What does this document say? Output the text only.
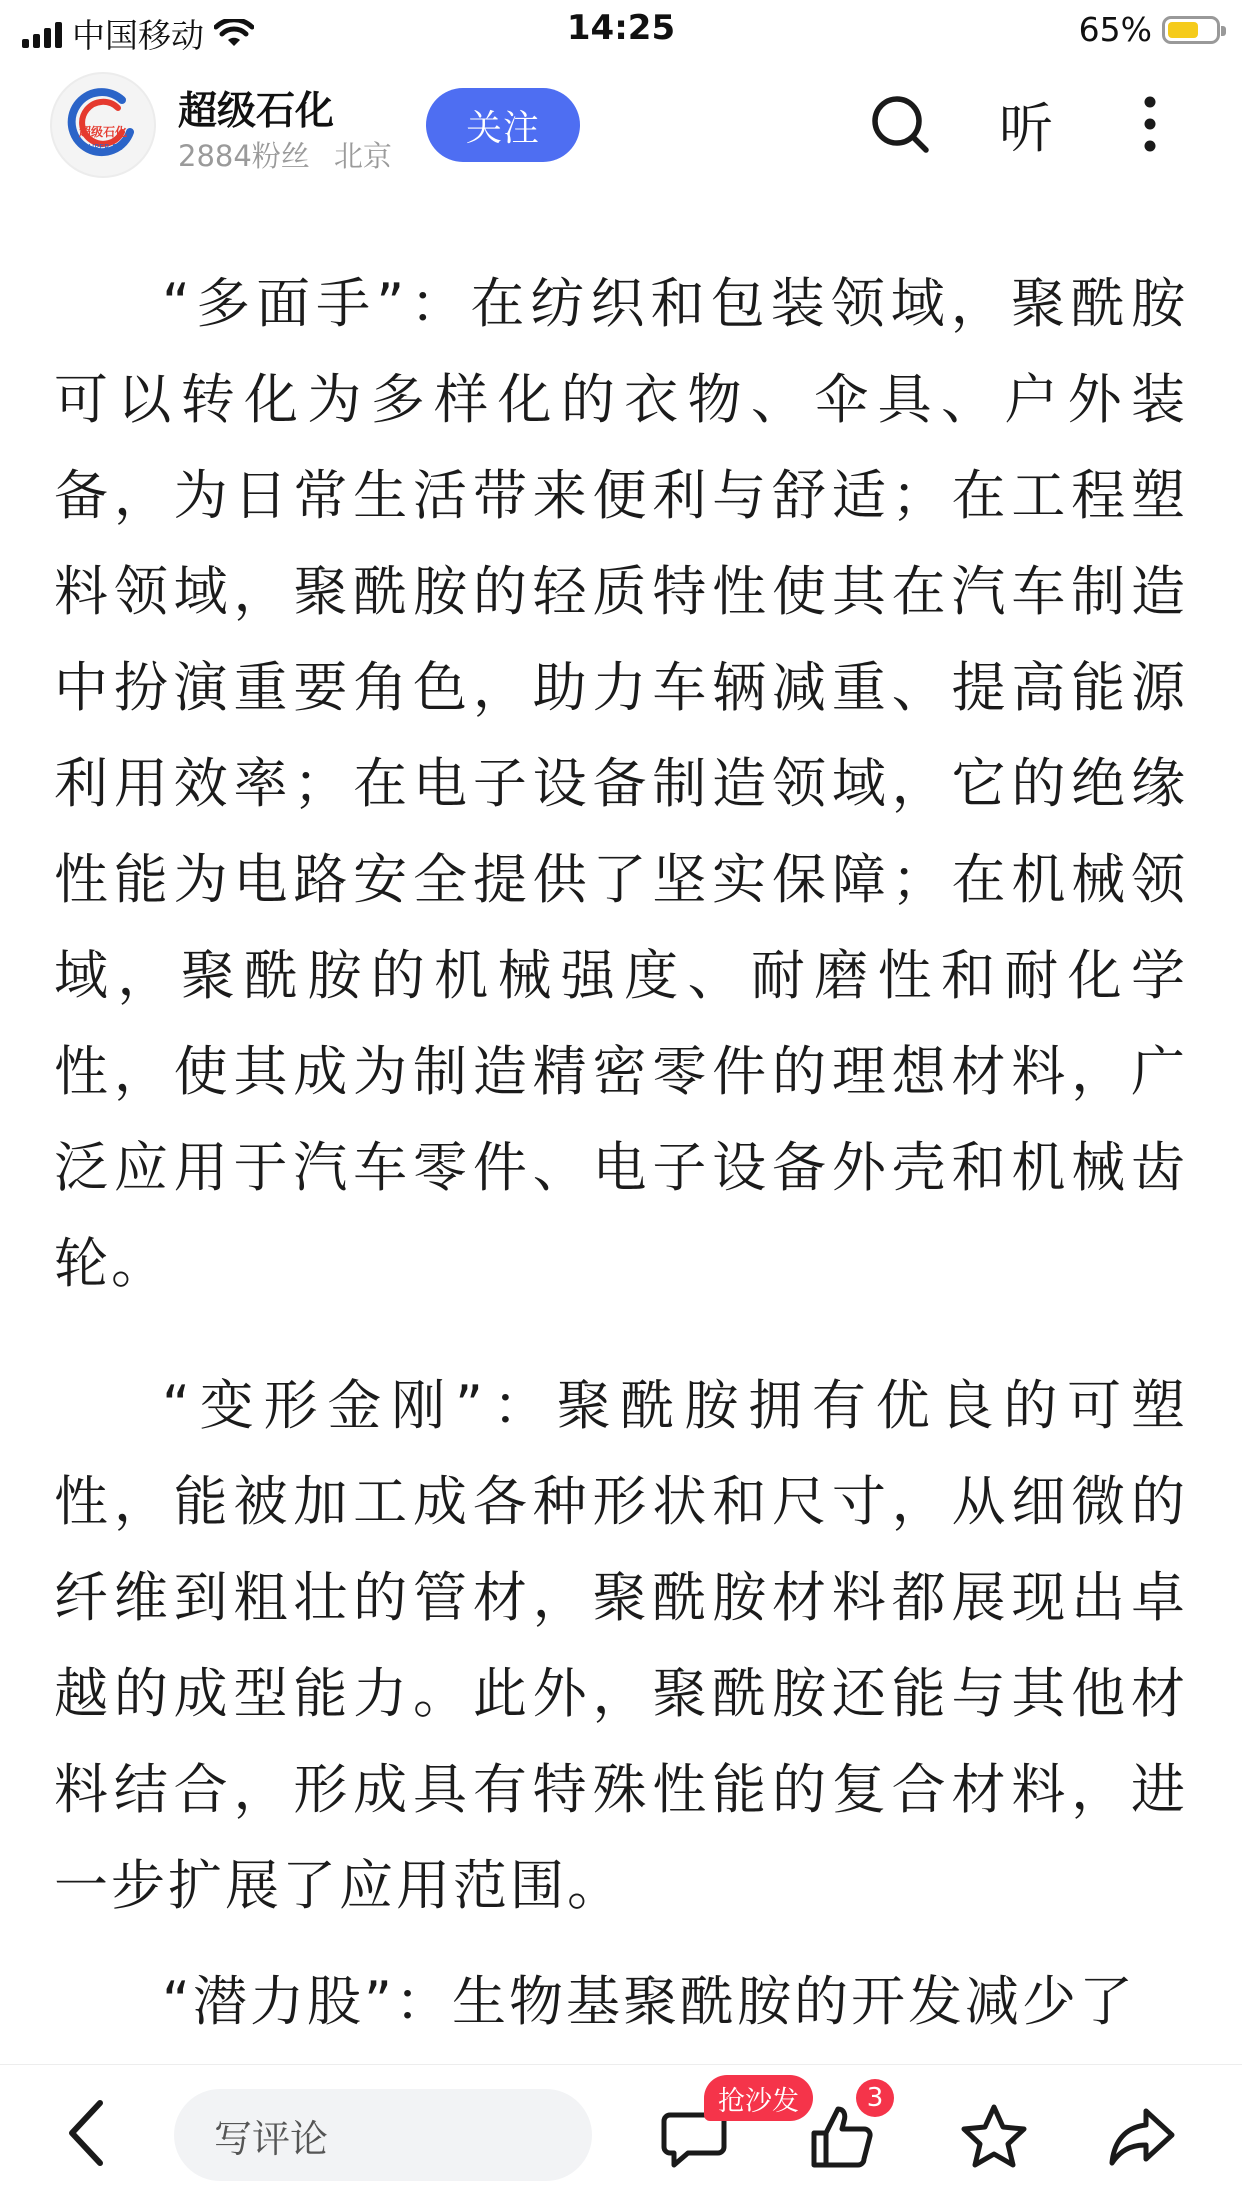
中国移动	14:25	65%
超级石化
SUPER PC
超级石化
2884粉丝 北京
关注	听

“多面手”：在纺织和包装领域，聚酰胺可以转化为多样化的衣物、伞具、户外装备，为日常生活带来便利与舒适；在工程塑料领域，聚酰胺的轻质特性使其在汽车制造中扮演重要角色，助力车辆减重、提高能源利用效率；在电子设备制造领域，它的绝缘性能为电路安全提供了坚实保障；在机械领域，聚酰胺的机械强度、耐磨性和耐化学性，使其成为制造精密零件的理想材料，广泛应用于汽车零件、电子设备外壳和机械齿轮。

“变形金刚”：聚酰胺拥有优良的可塑性，能被加工成各种形状和尺寸，从细微的纤维到粗壮的管材，聚酰胺材料都展现出卓越的成型能力。此外，聚酰胺还能与其他材料结合，形成具有特殊性能的复合材料，进一步扩展了应用范围。

“潜力股”：生物基聚酰胺的开发减少了

写评论
抢沙发	3
